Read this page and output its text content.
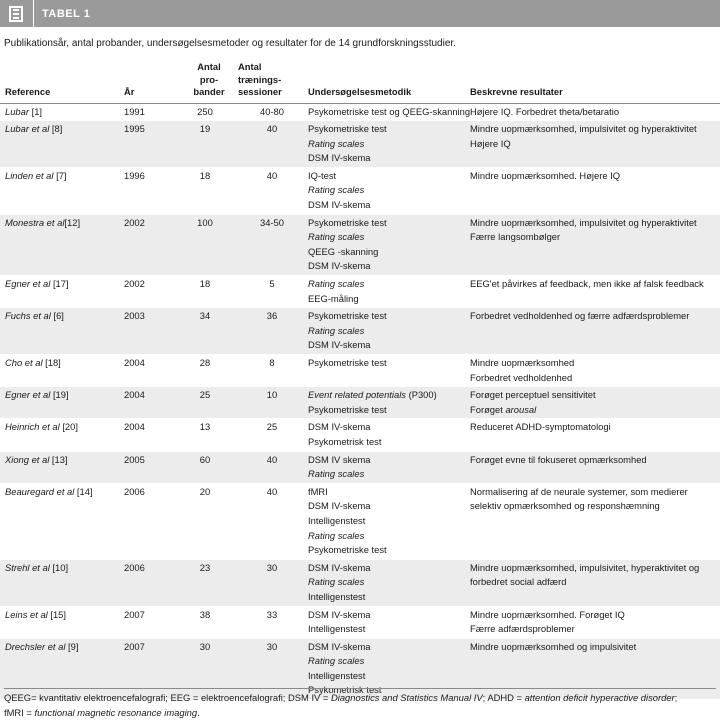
TABEL 1
Publikationsår, antal probander, undersøgelsesmetoder og resultater for de 14 grundforskningsstudier.
Reference	År	Antal
pro-
bander	Antal
trænings-
sessioner	Undersøgelsesmetodik	Beskrevne resultater
Lubar [1]	1991	250	40-80	Psykometriske test og QEEG-skanning	Højere IQ. Forbedret theta/betaratio

Lubar et al [8]	1995	19	40	Psykometriske test
Rating scales
DSM IV-skema	Mindre uopmærksomhed, impulsivitet og hyperaktivitet
Højere IQ

Linden et al [7]	1996	18	40	IQ-test
Rating scales
DSM IV-skema	Mindre uopmærksomhed. Højere IQ

Monestra et al[12]	2002	100	34-50	Psykometriske test
Rating scales
QEEG -skanning
DSM IV-skema	Mindre uopmærksomhed, impulsivitet og hyperaktivitet
Færre langsombølger

Egner et al [17]	2002	18	5	Rating scales
EEG-måling	EEG'et påvirkes af feedback, men ikke af falsk feedback

Fuchs et al [6]	2003	34	36	Psykometriske test
Rating scales
DSM IV-skema	Forbedret vedholdenhed og færre adfærdsproblemer

Cho et al [18]	2004	28	8	Psykometriske test	Mindre uopmærksomhed
Forbedret vedholdenhed

Egner et al [19]	2004	25	10	Event related potentials (P300)
Psykometriske test	Forøget perceptuel sensitivitet
Forøget arousal

Heinrich et al [20]	2004	13	25	DSM IV-skema
Psykometrisk test	Reduceret ADHD-symptomatologi

Xiong et al [13]	2005	60	40	DSM IV skema
Rating scales	Forøget evne til fokuseret opmærksomhed

Beauregard et al [14]	2006	20	40	fMRI
DSM IV-skema
Intelligenstest
Rating scales
Psykometriske test	Normalisering af de neurale systemer, som medierer
selektiv opmærksomhed og responshæmning

Strehl et al [10]	2006	23	30	DSM IV-skema
Rating scales
Intelligenstest	Mindre uopmærksomhed, impulsivitet, hyperaktivitet og
forbedret social adfærd

Leins et al [15]	2007	38	33	DSM IV-skema
Intelligenstest	Mindre uopmærksomhed. Forøget IQ
Færre adfærdsproblemer

Drechsler et al [9]	2007	30	30	DSM IV-skema
Rating scales
Intelligenstest
Psykometrisk test	Mindre uopmærksomhed og impulsivitet
QEEG= kvantitativ elektroencefalografi; EEG = elektroencefalografi; DSM IV = Diagnostics and Statistics Manual IV; ADHD = attention deficit hyperactive disorder;
fMRI = functional magnetic resonance imaging.
